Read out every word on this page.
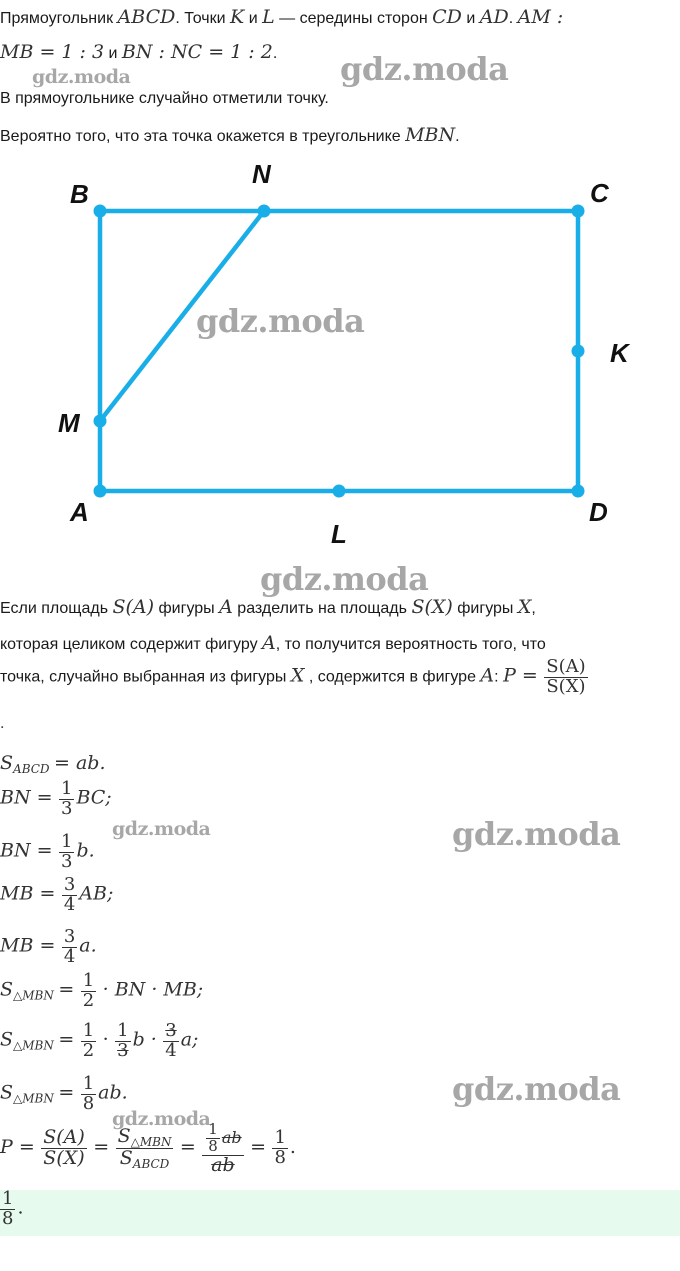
Прямоугольник ABCD. Точки K и L — середины сторон CD и AD. AM :
MB = 1 : 3 и BN : NC = 1 : 2.
gdz.moda	gdz.moda
В прямоугольнике случайно отметили точку.
Вероятно того, что эта точка окажется в треугольнике MBN.
B
N
C
K
M
A
L
D
gdz.moda
gdz.moda
Если площадь S(A) фигуры A разделить на площадь S(X) фигуры X,
которая целиком содержит фигуру A, то получится вероятность того, что
точка, случайно выбранная из фигуры X , содержится в фигуре A: $P = \frac{S(A)}{S(X)}$
.
$S_{ABCD}$ = ab.
BN = $\frac{1}{3}$ BC;
BN = $\frac{1}{3} b$.
gdz.moda	gdz.moda
MB = $\frac{3}{4}$ AB;
MB = $\frac{3}{4} a$.
$S_{\triangle MBN} = \frac{1}{2}$ · BN · MB;
$S_{\triangle MBN} = \frac{1}{2} \cdot \frac{1}{3}$ $b \cdot \frac{3}{4} a$;
$S_{\triangle MBN} = \frac{1}{8}$ ab.	gdz.moda
gdz.moda
$P = \frac{S(A)}{S(X)} = \frac{S_{\triangle MBN}}{S_{ABCD}} = \frac{\frac{1}{8} ab}{ab} = \frac{1}{8}$ .
$\frac{1}{8}$ .
